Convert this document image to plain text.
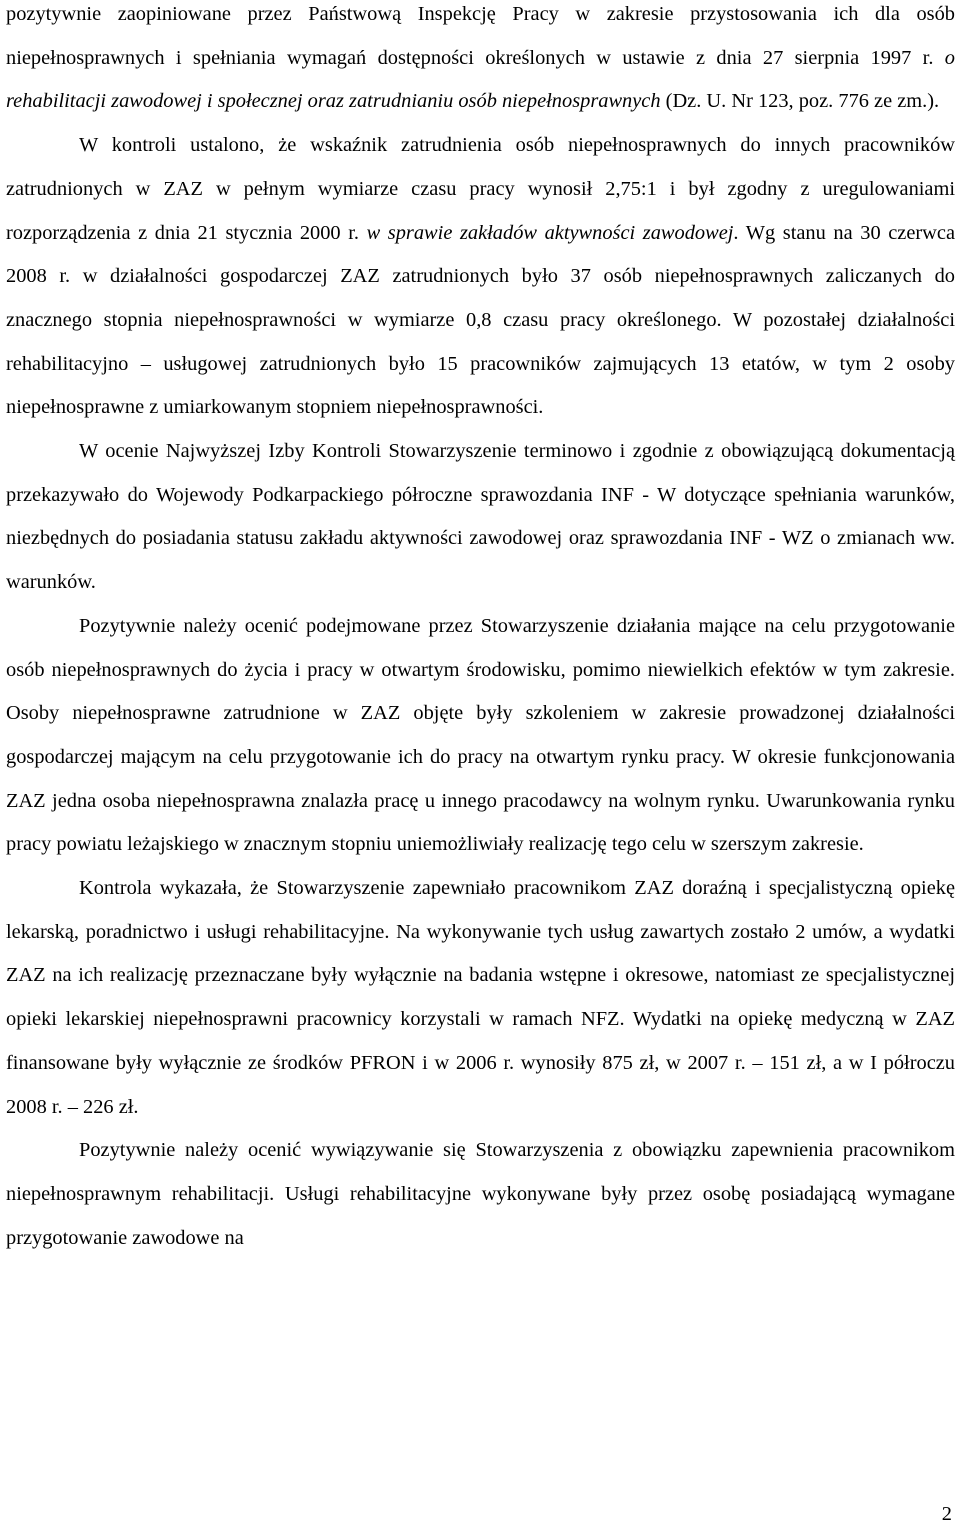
pozytywnie zaopiniowane przez Państwową Inspekcję Pracy w zakresie przystosowania ich dla osób niepełnosprawnych i spełniania wymagań dostępności określonych w ustawie z dnia 27 sierpnia 1997 r. o rehabilitacji zawodowej i społecznej oraz zatrudnianiu osób niepełnosprawnych (Dz. U. Nr 123, poz. 776 ze zm.).

W kontroli ustalono, że wskaźnik zatrudnienia osób niepełnosprawnych do innych pracowników zatrudnionych w ZAZ w pełnym wymiarze czasu pracy wynosił 2,75:1 i był zgodny z uregulowaniami rozporządzenia z dnia 21 stycznia 2000 r. w sprawie zakładów aktywności zawodowej. Wg stanu na 30 czerwca 2008 r. w działalności gospodarczej ZAZ zatrudnionych było 37 osób niepełnosprawnych zaliczanych do znacznego stopnia niepełnosprawności w wymiarze 0,8 czasu pracy określonego. W pozostałej działalności rehabilitacyjno – usługowej zatrudnionych było 15 pracowników zajmujących 13 etatów, w tym 2 osoby niepełnosprawne z umiarkowanym stopniem niepełnosprawności.

W ocenie Najwyższej Izby Kontroli Stowarzyszenie terminowo i zgodnie z obowiązującą dokumentacją przekazywało do Wojewody Podkarpackiego półroczne sprawozdania INF - W dotyczące spełniania warunków, niezbędnych do posiadania statusu zakładu aktywności zawodowej oraz sprawozdania INF - WZ o zmianach ww. warunków.

Pozytywnie należy ocenić podejmowane przez Stowarzyszenie działania mające na celu przygotowanie osób niepełnosprawnych do życia i pracy w otwartym środowisku, pomimo niewielkich efektów w tym zakresie. Osoby niepełnosprawne zatrudnione w ZAZ objęte były szkoleniem w zakresie prowadzonej działalności gospodarczej mającym na celu przygotowanie ich do pracy na otwartym rynku pracy. W okresie funkcjonowania ZAZ jedna osoba niepełnosprawna znalazła pracę u innego pracodawcy na wolnym rynku. Uwarunkowania rynku pracy powiatu leżajskiego w znacznym stopniu uniemożliwiały realizację tego celu w szerszym zakresie.

Kontrola wykazała, że Stowarzyszenie zapewniało pracownikom ZAZ doraźną i specjalistyczną opiekę lekarską, poradnictwo i usługi rehabilitacyjne. Na wykonywanie tych usług zawartych zostało 2 umów, a wydatki ZAZ na ich realizację przeznaczane były wyłącznie na badania wstępne i okresowe, natomiast ze specjalistycznej opieki lekarskiej niepełnosprawni pracownicy korzystali w ramach NFZ. Wydatki na opiekę medyczną w ZAZ finansowane były wyłącznie ze środków PFRON i w 2006 r. wynosiły 875 zł, w 2007 r. – 151 zł, a w I półroczu 2008 r. – 226 zł.

Pozytywnie należy ocenić wywiązywanie się Stowarzyszenia z obowiązku zapewnienia pracownikom niepełnosprawnym rehabilitacji. Usługi rehabilitacyjne wykonywane były przez osobę posiadającą wymagane przygotowanie zawodowe na

2
